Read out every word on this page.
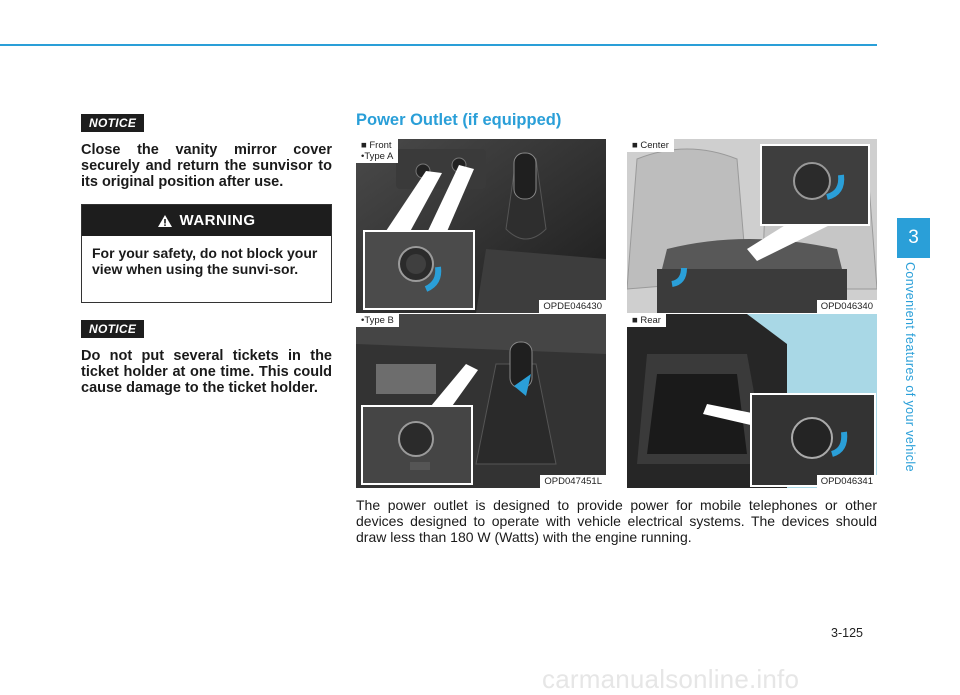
NOTICE
Close the vanity mirror cover securely and return the sunvisor to its original position after use.
WARNING
For your safety, do not block your view when using the sunvi-sor.
NOTICE
Do not put several tickets in the ticket holder at one time. This could cause damage to the ticket holder.
Power Outlet (if equipped)
■ Front
•Type A
OPDE046430
■ Center
OPD046340
•Type B
OPD047451L
■ Rear
OPD046341
The power outlet is designed to provide power for mobile telephones or other devices designed to operate with vehicle electrical systems. The devices should draw less than 180 W (Watts) with the engine running.
3
Convenient features of your vehicle
3-125
carmanualsonline.info
